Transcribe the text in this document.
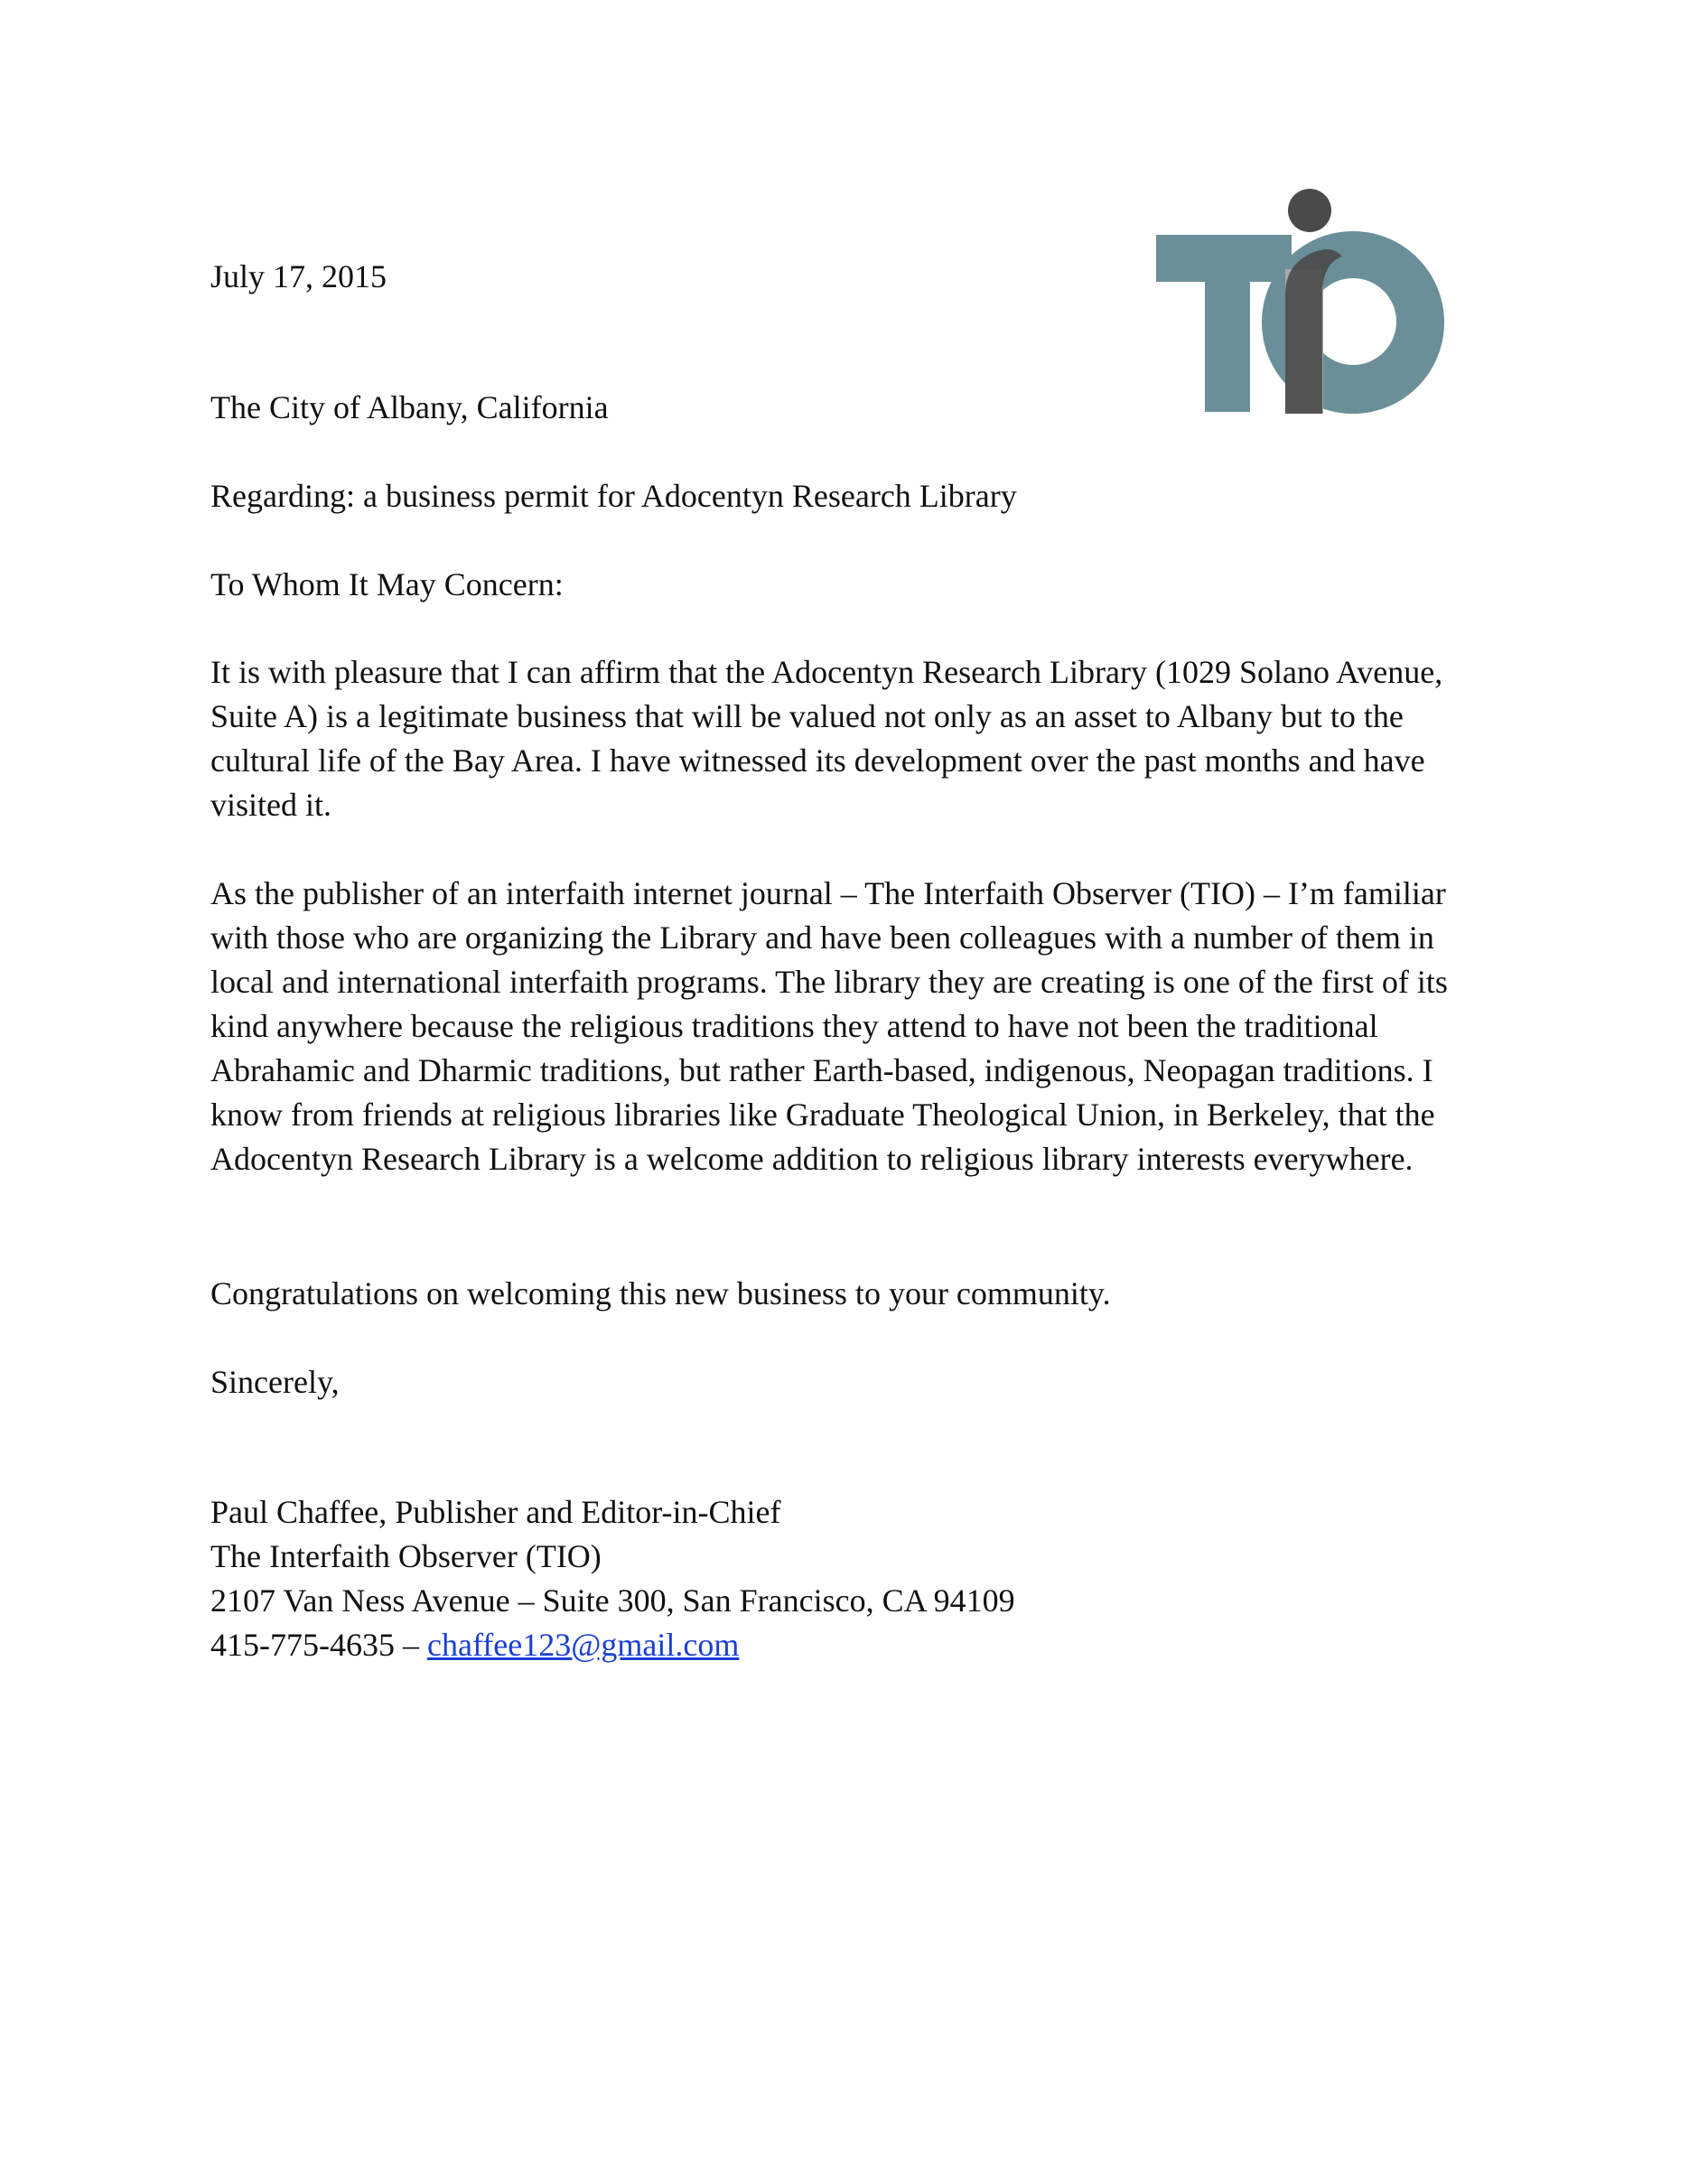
July 17, 2015

The City of Albany, California

Regarding: a business permit for Adocentyn Research Library

To Whom It May Concern:

It is with pleasure that I can affirm that the Adocentyn Research Library (1029 Solano Avenue, Suite A) is a legitimate business that will be valued not only as an asset to Albany but to the cultural life of the Bay Area. I have witnessed its development over the past months and have visited it.

As the publisher of an interfaith internet journal – The Interfaith Observer (TIO) – I’m familiar with those who are organizing the Library and have been colleagues with a number of them in local and international interfaith programs. The library they are creating is one of the first of its kind anywhere because the religious traditions they attend to have not been the traditional Abrahamic and Dharmic traditions, but rather Earth-based, indigenous, Neopagan traditions. I know from friends at religious libraries like Graduate Theological Union, in Berkeley, that the Adocentyn Research Library is a welcome addition to religious library interests everywhere.

Congratulations on welcoming this new business to your community.

Sincerely,

Paul Chaffee, Publisher and Editor-in-Chief
The Interfaith Observer (TIO)
2107 Van Ness Avenue – Suite 300, San Francisco, CA 94109
415-775-4635 – chaffee123@gmail.com
